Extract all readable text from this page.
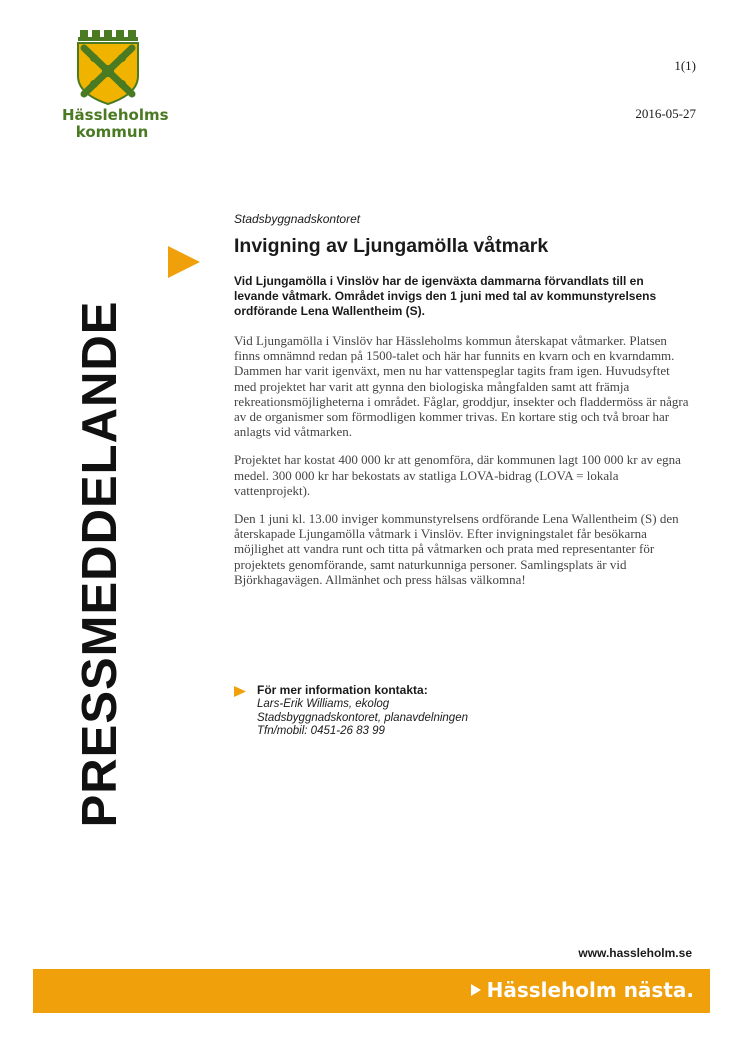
Hässleholms
kommun
1(1)
2016-05-27
PRESSMEDDELANDE
Stadsbyggnadskontoret
Invigning av Ljungamölla våtmark

Vid Ljungamölla i Vinslöv har de igenväxta dammarna förvandlats till en levande våtmark. Området invigs den 1 juni med tal av kommunstyrelsens ordförande Lena Wallentheim (S).

Vid Ljungamölla i Vinslöv har Hässleholms kommun återskapat våtmarker. Platsen finns omnämnd redan på 1500-talet och här har funnits en kvarn och en kvarndamm. Dammen har varit igenväxt, men nu har vattenspeglar tagits fram igen. Huvudsyftet med projektet har varit att gynna den biologiska mångfalden samt att främja rekreationsmöjligheterna i området. Fåglar, groddjur, insekter och fladdermöss är några av de organismer som förmodligen kommer trivas. En kortare stig och två broar har anlagts vid våtmarken.

Projektet har kostat 400 000 kr att genomföra, där kommunen lagt 100 000 kr av egna medel. 300 000 kr har bekostats av statliga LOVA-bidrag (LOVA = lokala vattenprojekt).

Den 1 juni kl. 13.00 inviger kommunstyrelsens ordförande Lena Wallentheim (S) den återskapade Ljungamölla våtmark i Vinslöv. Efter invigningstalet får besökarna möjlighet att vandra runt och titta på våtmarken och prata med representanter för projektets genomförande, samt naturkunniga personer. Samlingsplats är vid Björkhagavägen. Allmänhet och press hälsas välkomna!

För mer information kontakta:
Lars-Erik Williams, ekolog
Stadsbyggnadskontoret, planavdelningen
Tfn/mobil: 0451-26 83 99
www.hassleholm.se
Hässleholm nästa.
